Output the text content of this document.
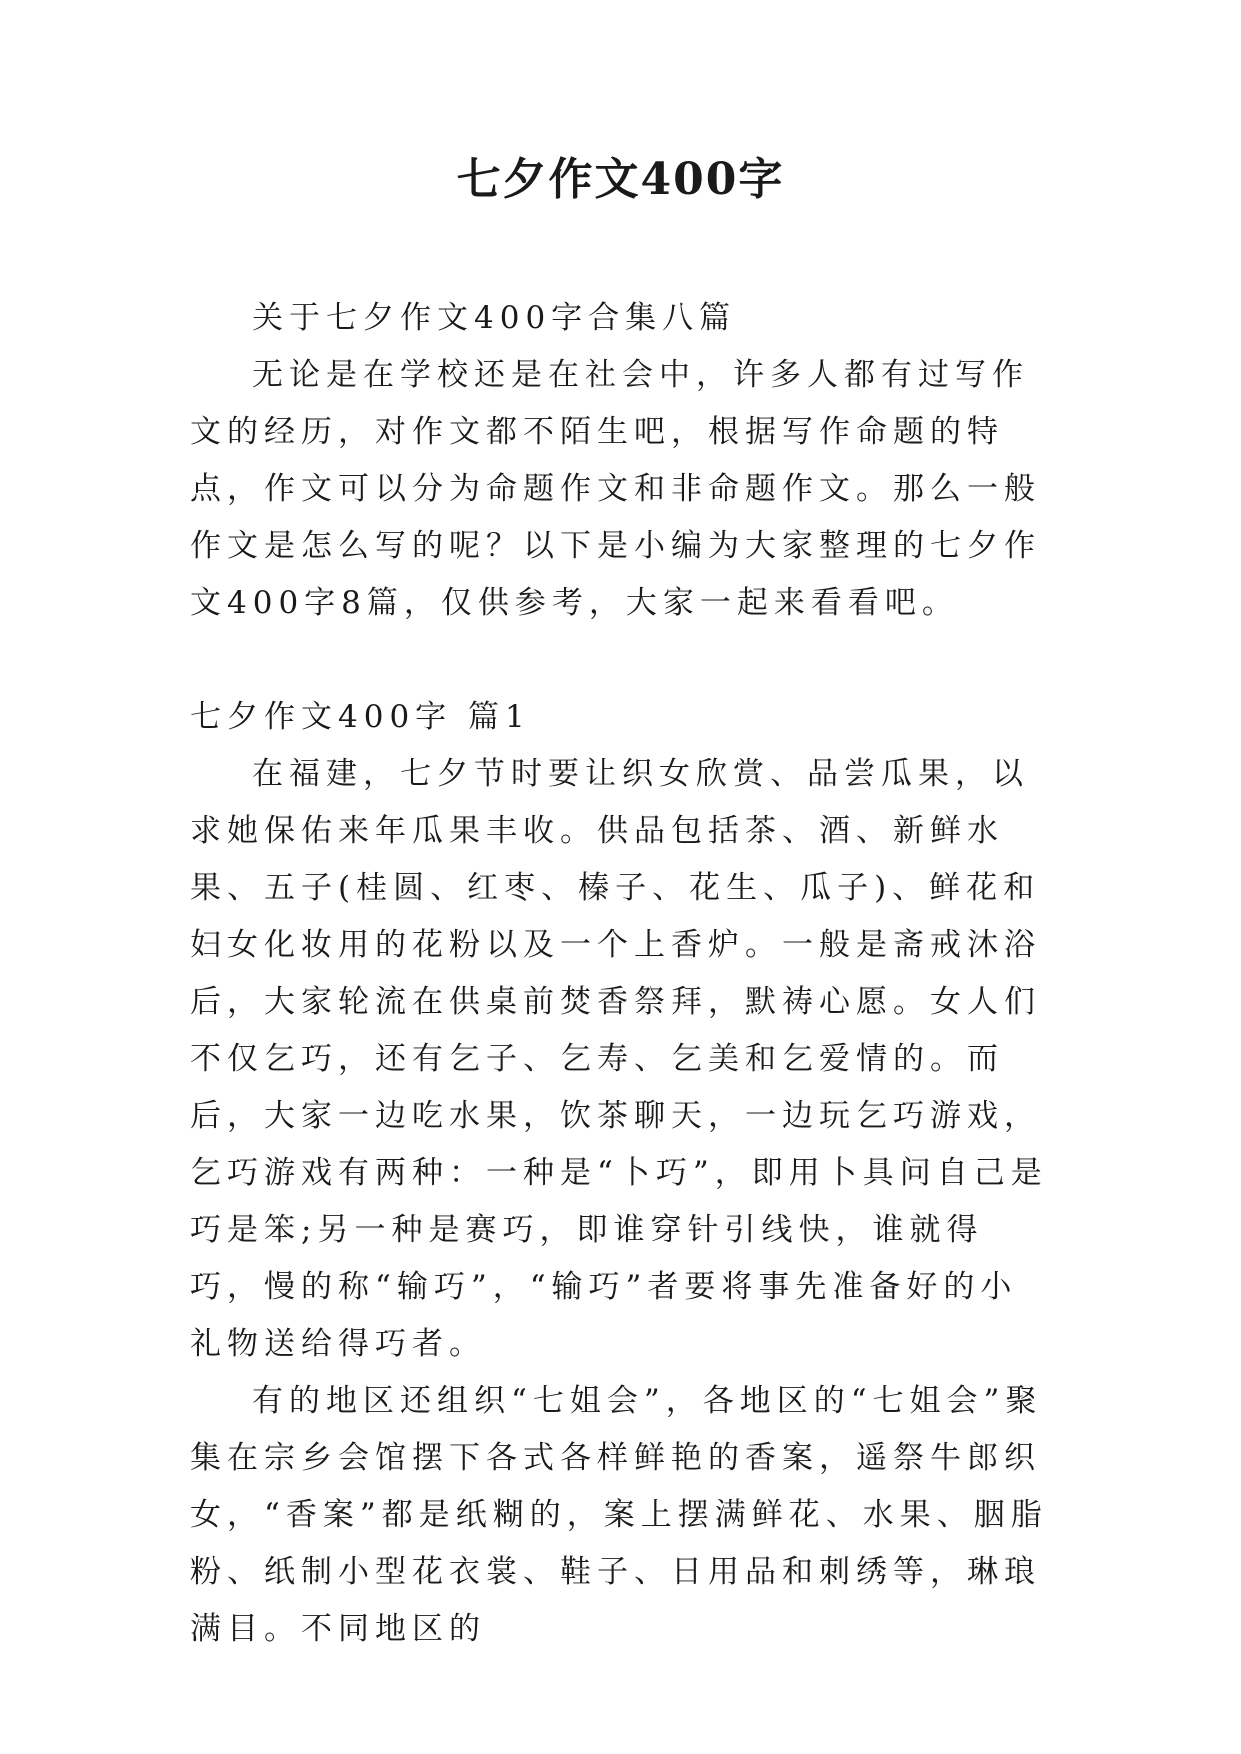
七夕作文400字

关于七夕作文400字合集八篇

无论是在学校还是在社会中，许多人都有过写作文的经历，对作文都不陌生吧，根据写作命题的特点，作文可以分为命题作文和非命题作文。那么一般作文是怎么写的呢？以下是小编为大家整理的七夕作文400字8篇，仅供参考，大家一起来看看吧。

七夕作文400字 篇1

在福建，七夕节时要让织女欣赏、品尝瓜果，以求她保佑来年瓜果丰收。供品包括茶、酒、新鲜水果、五子(桂圆、红枣、榛子、花生、瓜子)、鲜花和妇女化妆用的花粉以及一个上香炉。一般是斋戒沐浴后，大家轮流在供桌前焚香祭拜，默祷心愿。女人们不仅乞巧，还有乞子、乞寿、乞美和乞爱情的。而后，大家一边吃水果，饮茶聊天，一边玩乞巧游戏，乞巧游戏有两种：一种是“卜巧”，即用卜具问自己是巧是笨;另一种是赛巧，即谁穿针引线快，谁就得巧，慢的称“输巧”，“输巧”者要将事先准备好的小礼物送给得巧者。

有的地区还组织“七姐会”，各地区的“七姐会”聚集在宗乡会馆摆下各式各样鲜艳的香案，遥祭牛郎织女，“香案”都是纸糊的，案上摆满鲜花、水果、胭脂粉、纸制小型花衣裳、鞋子、日用品和刺绣等，琳琅满目。不同地区的
